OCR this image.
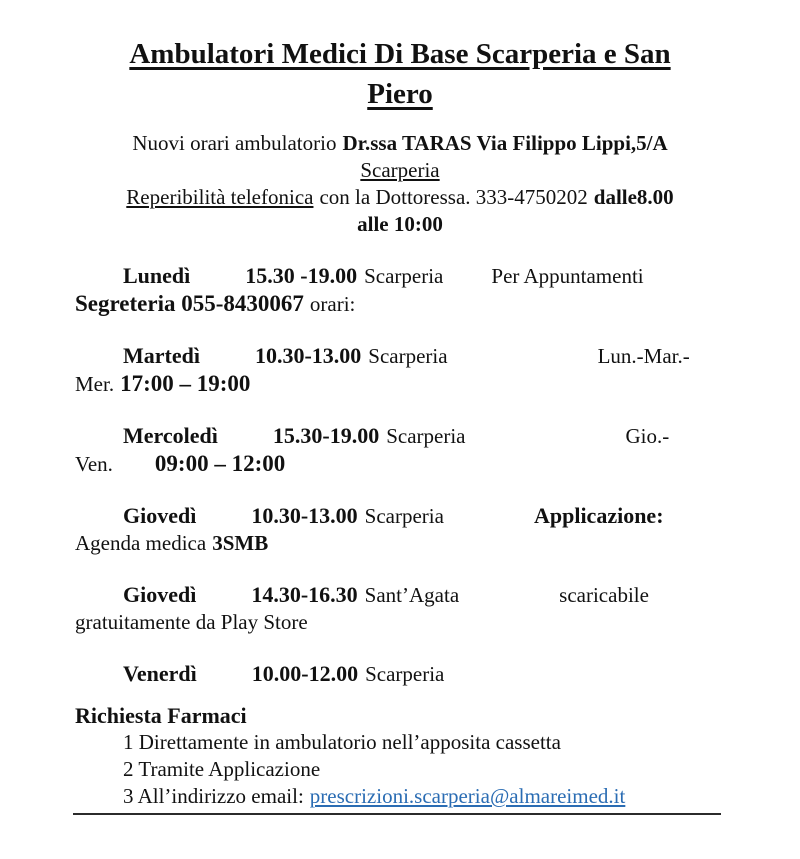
Ambulatori Medici Di Base Scarperia e San
Piero
Nuovi orari ambulatorio Dr.ssa TARAS Via Filippo Lippi,5/A
Scarperia
Reperibilità telefonica con la Dottoressa. 333-4750202 dalle8.00
alle 10:00
Lunedì	15.30 -19.00 Scarperia Per Appuntamenti
Segreteria 055-8430067 orari:
Martedì	10.30-13.00 Scarperia	Lun.-Mar.-
Mer. 17:00 – 19:00
Mercoledì	15.30-19.00 Scarperia	Gio.-
Ven. 09:00 – 12:00
Giovedì	10.30-13.00 Scarperia	Applicazione:
Agenda medica 3SMB
Giovedì	14.30-16.30 Sant’Agata	scaricabile
gratuitamente da Play Store
Venerdì	10.00-12.00 Scarperia
Richiesta Farmaci
1 Direttamente in ambulatorio nell’apposita cassetta
2 Tramite Applicazione
3 All’indirizzo email: prescrizioni.scarperia@almareimed.it
